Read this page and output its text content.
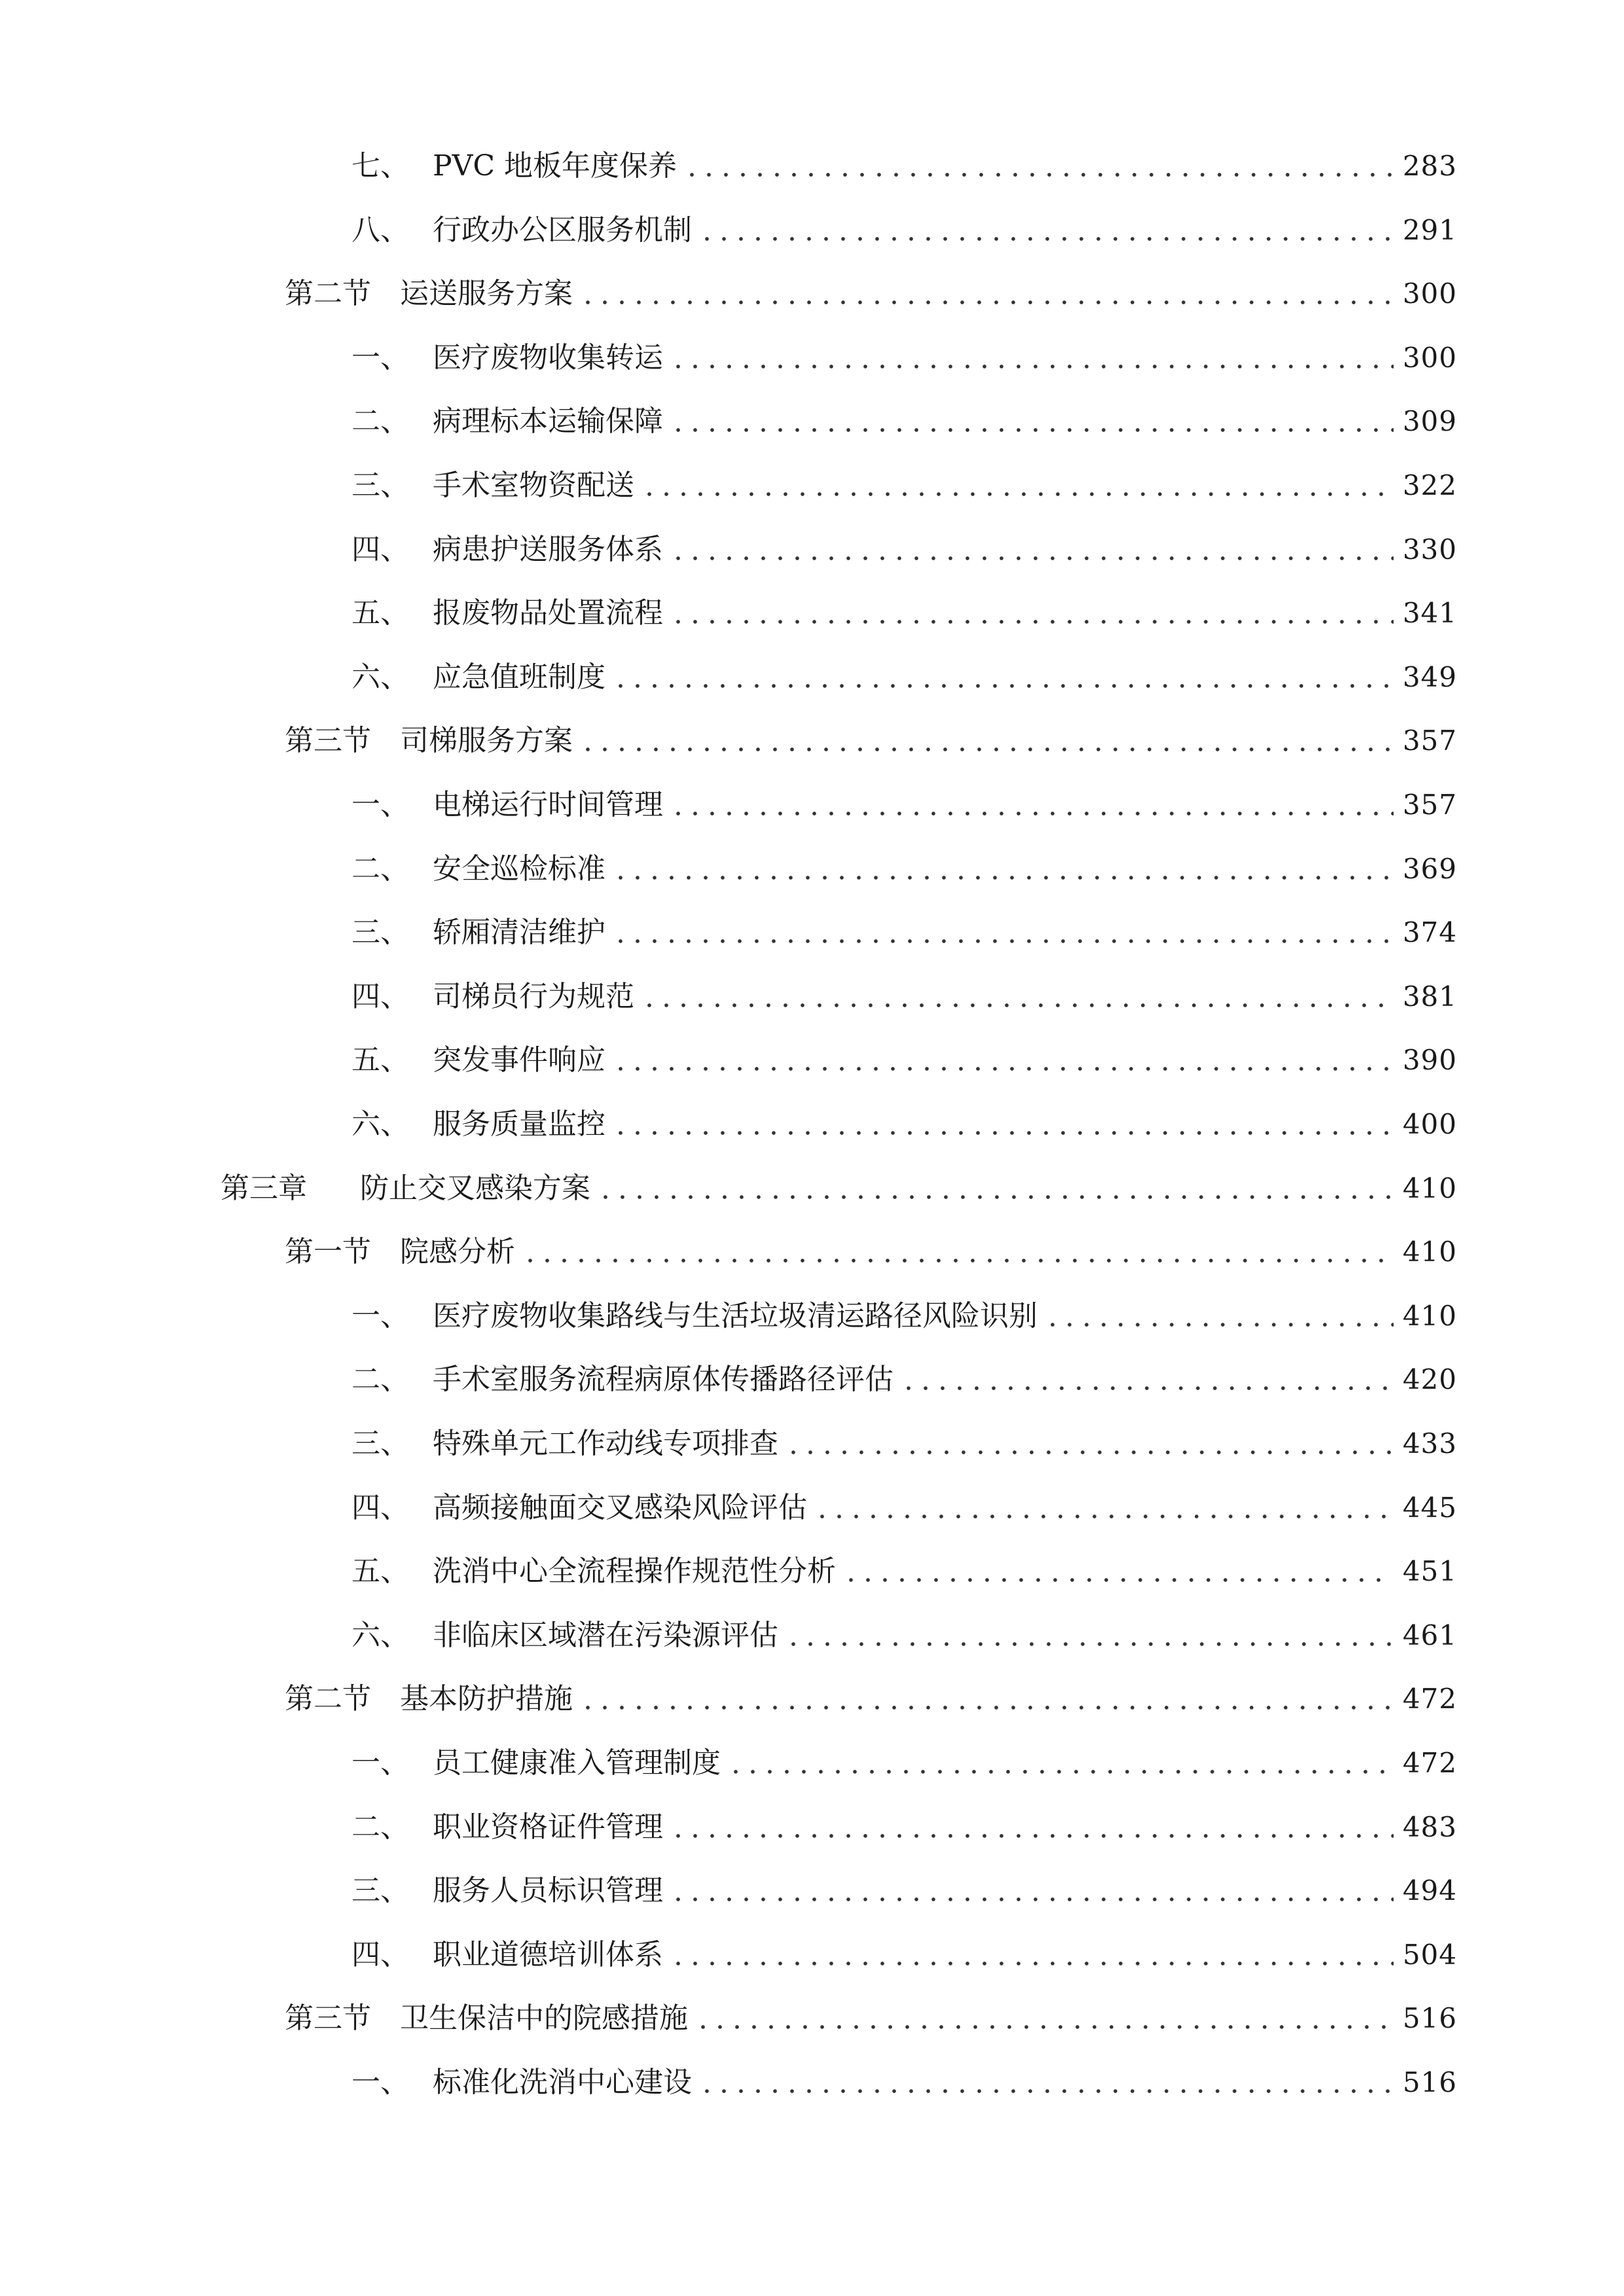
七、 PVC 地板年度保养	283
八、 行政办公区服务机制	291
第二节	运送服务方案	300
一、 医疗废物收集转运	300
二、 病理标本运输保障	309
三、 手术室物资配送	322
四、 病患护送服务体系	330
五、 报废物品处置流程	341
六、 应急值班制度	349
第三节	司梯服务方案	357
一、 电梯运行时间管理	357
二、 安全巡检标准	369
三、 轿厢清洁维护	374
四、 司梯员行为规范	381
五、 突发事件响应	390
六、 服务质量监控	400
第三章	防止交叉感染方案	410
第一节	院感分析	410
一、 医疗废物收集路线与生活垃圾清运路径风险识别	410
二、 手术室服务流程病原体传播路径评估	420
三、 特殊单元工作动线专项排查	433
四、 高频接触面交叉感染风险评估	445
五、 洗消中心全流程操作规范性分析	451
六、 非临床区域潜在污染源评估	461
第二节	基本防护措施	472
一、 员工健康准入管理制度	472
二、 职业资格证件管理	483
三、 服务人员标识管理	494
四、 职业道德培训体系	504
第三节	卫生保洁中的院感措施	516
一、 标准化洗消中心建设	516
